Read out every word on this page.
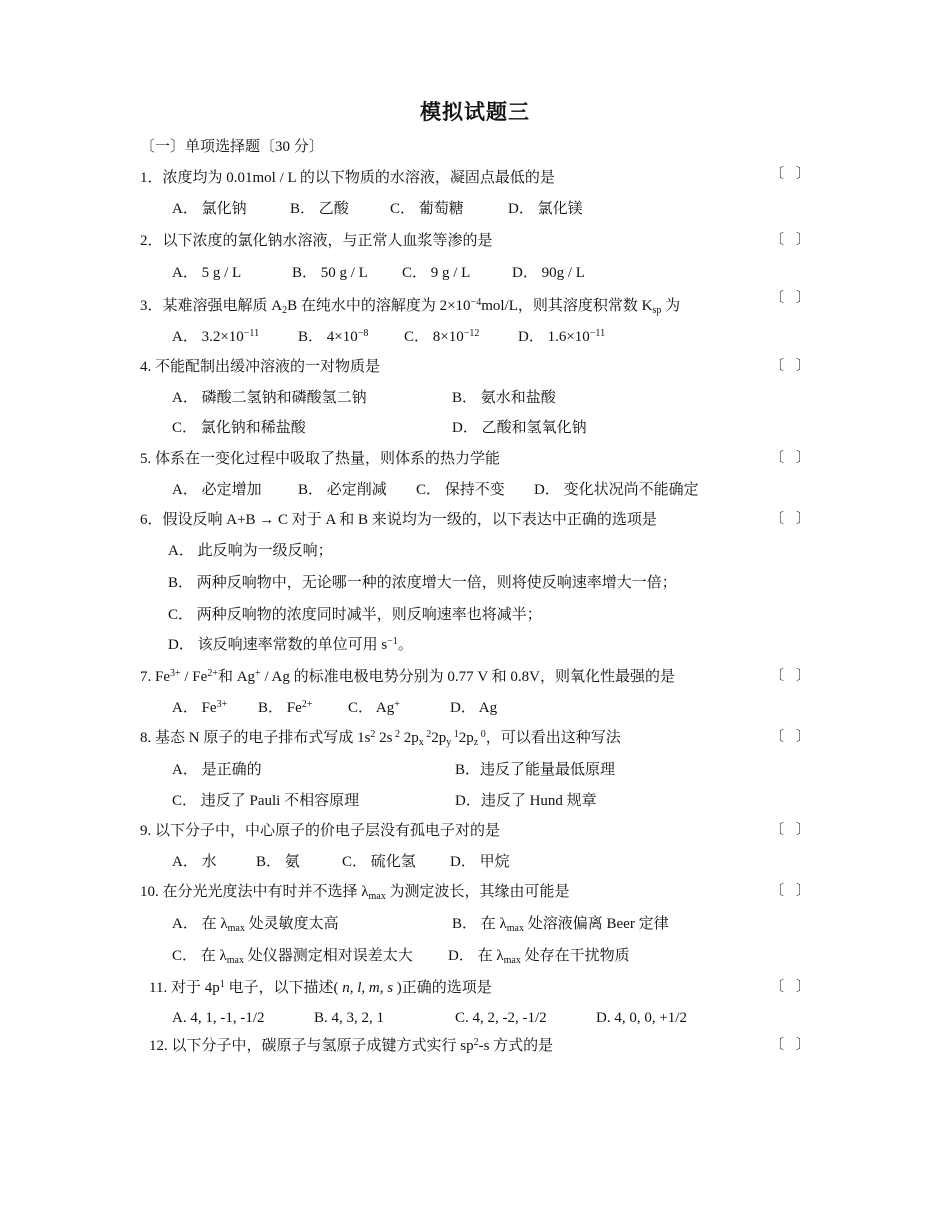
模拟试题三
〔一〕单项选择题〔30 分〕
1．浓度均为 0.01mol / L 的以下物质的水溶液，凝固点最低的是	〔 〕
A． 氯化钠	B． 乙酸	C． 葡萄糖	D． 氯化镁
2．以下浓度的氯化钠水溶液，与正常人血浆等渗的是	〔 〕
A． 5 g / L	B． 50 g / L C． 9 g / L	D． 90g / L
3．某难溶强电解质 $A_2B$ 在纯水中的溶解度为 $2\times 10^{-4}mol/L$，则其溶度积常数 $K_{sp}$ 为	〔 〕
A． $3.2\times 10^{-11}$	B． $4\times 10^{-8}$ C． $8\times 10^{-12}$	D． $1.6\times 10^{-11}$
4. 不能配制出缓冲溶液的一对物质是	〔 〕
A． 磷酸二氢钠和磷酸氢二钠	B． 氨水和盐酸
C． 氯化钠和稀盐酸	D． 乙酸和氢氧化钠
5. 体系在一变化过程中吸取了热量，则体系的热力学能	〔 〕
A． 必定增加 B． 必定削减 C． 保持不变 D． 变化状况尚不能确定
6．假设反响 A+B → C 对于 A 和 B 来说均为一级的，以下表达中正确的选项是	〔 〕
A． 此反响为一级反响；
B． 两种反响物中，无论哪一种的浓度增大一倍，则将使反响速率增大一倍；
C． 两种反响物的浓度同时减半，则反响速率也将减半；
D． 该反响速率常数的单位可用 $s^{-1}$。
7. $Fe^{3+} / Fe^{2+}$和 Ag+ / Ag 的标准电极电势分别为 0.77 V 和 0.8V，则氧化性最强的是	〔 〕
A． $Fe^{3+}$ B． $Fe^{2+}$ C． Ag+	D． Ag
8. 基态 N 原子的电子排布式写成 $1s^2$ 2s $^2$ $2p_x$ $^22p_y$ $^12p_z$ $^0$，可以看出这种写法	〔 〕
A． 是正确的	B．违反了能量最低原理
C． 违反了 Pauli 不相容原理	D．违反了 Hund 规章
9. 以下分子中，中心原子的价电子层没有孤电子对的是	〔 〕
A． 水	B． 氨	C． 硫化氢 D． 甲烷
10. 在分光光度法中有时并不选择 $\lambda_{max}$ 为测定波长，其缘由可能是	〔 〕
A． 在 $\lambda_{max}$ 处灵敏度太高	B． 在 $\lambda_{max}$ 处溶液偏离 Beer 定律
C． 在 $\lambda_{max}$ 处仪器测定相对误差太大 D． 在 $\lambda_{max}$ 处存在干扰物质
11. 对于 $4p^1$ 电子，以下描述( n, l, m, s )正确的选项是	〔 〕
A. 4, 1, -1, -1/2	B. 4, 3, 2, 1	C. 4, 2, -2, -1/2	D. 4, 0, 0, +1/2
12. 以下分子中，碳原子与氢原子成键方式实行 $sp^2-s$ 方式的是	〔 〕
